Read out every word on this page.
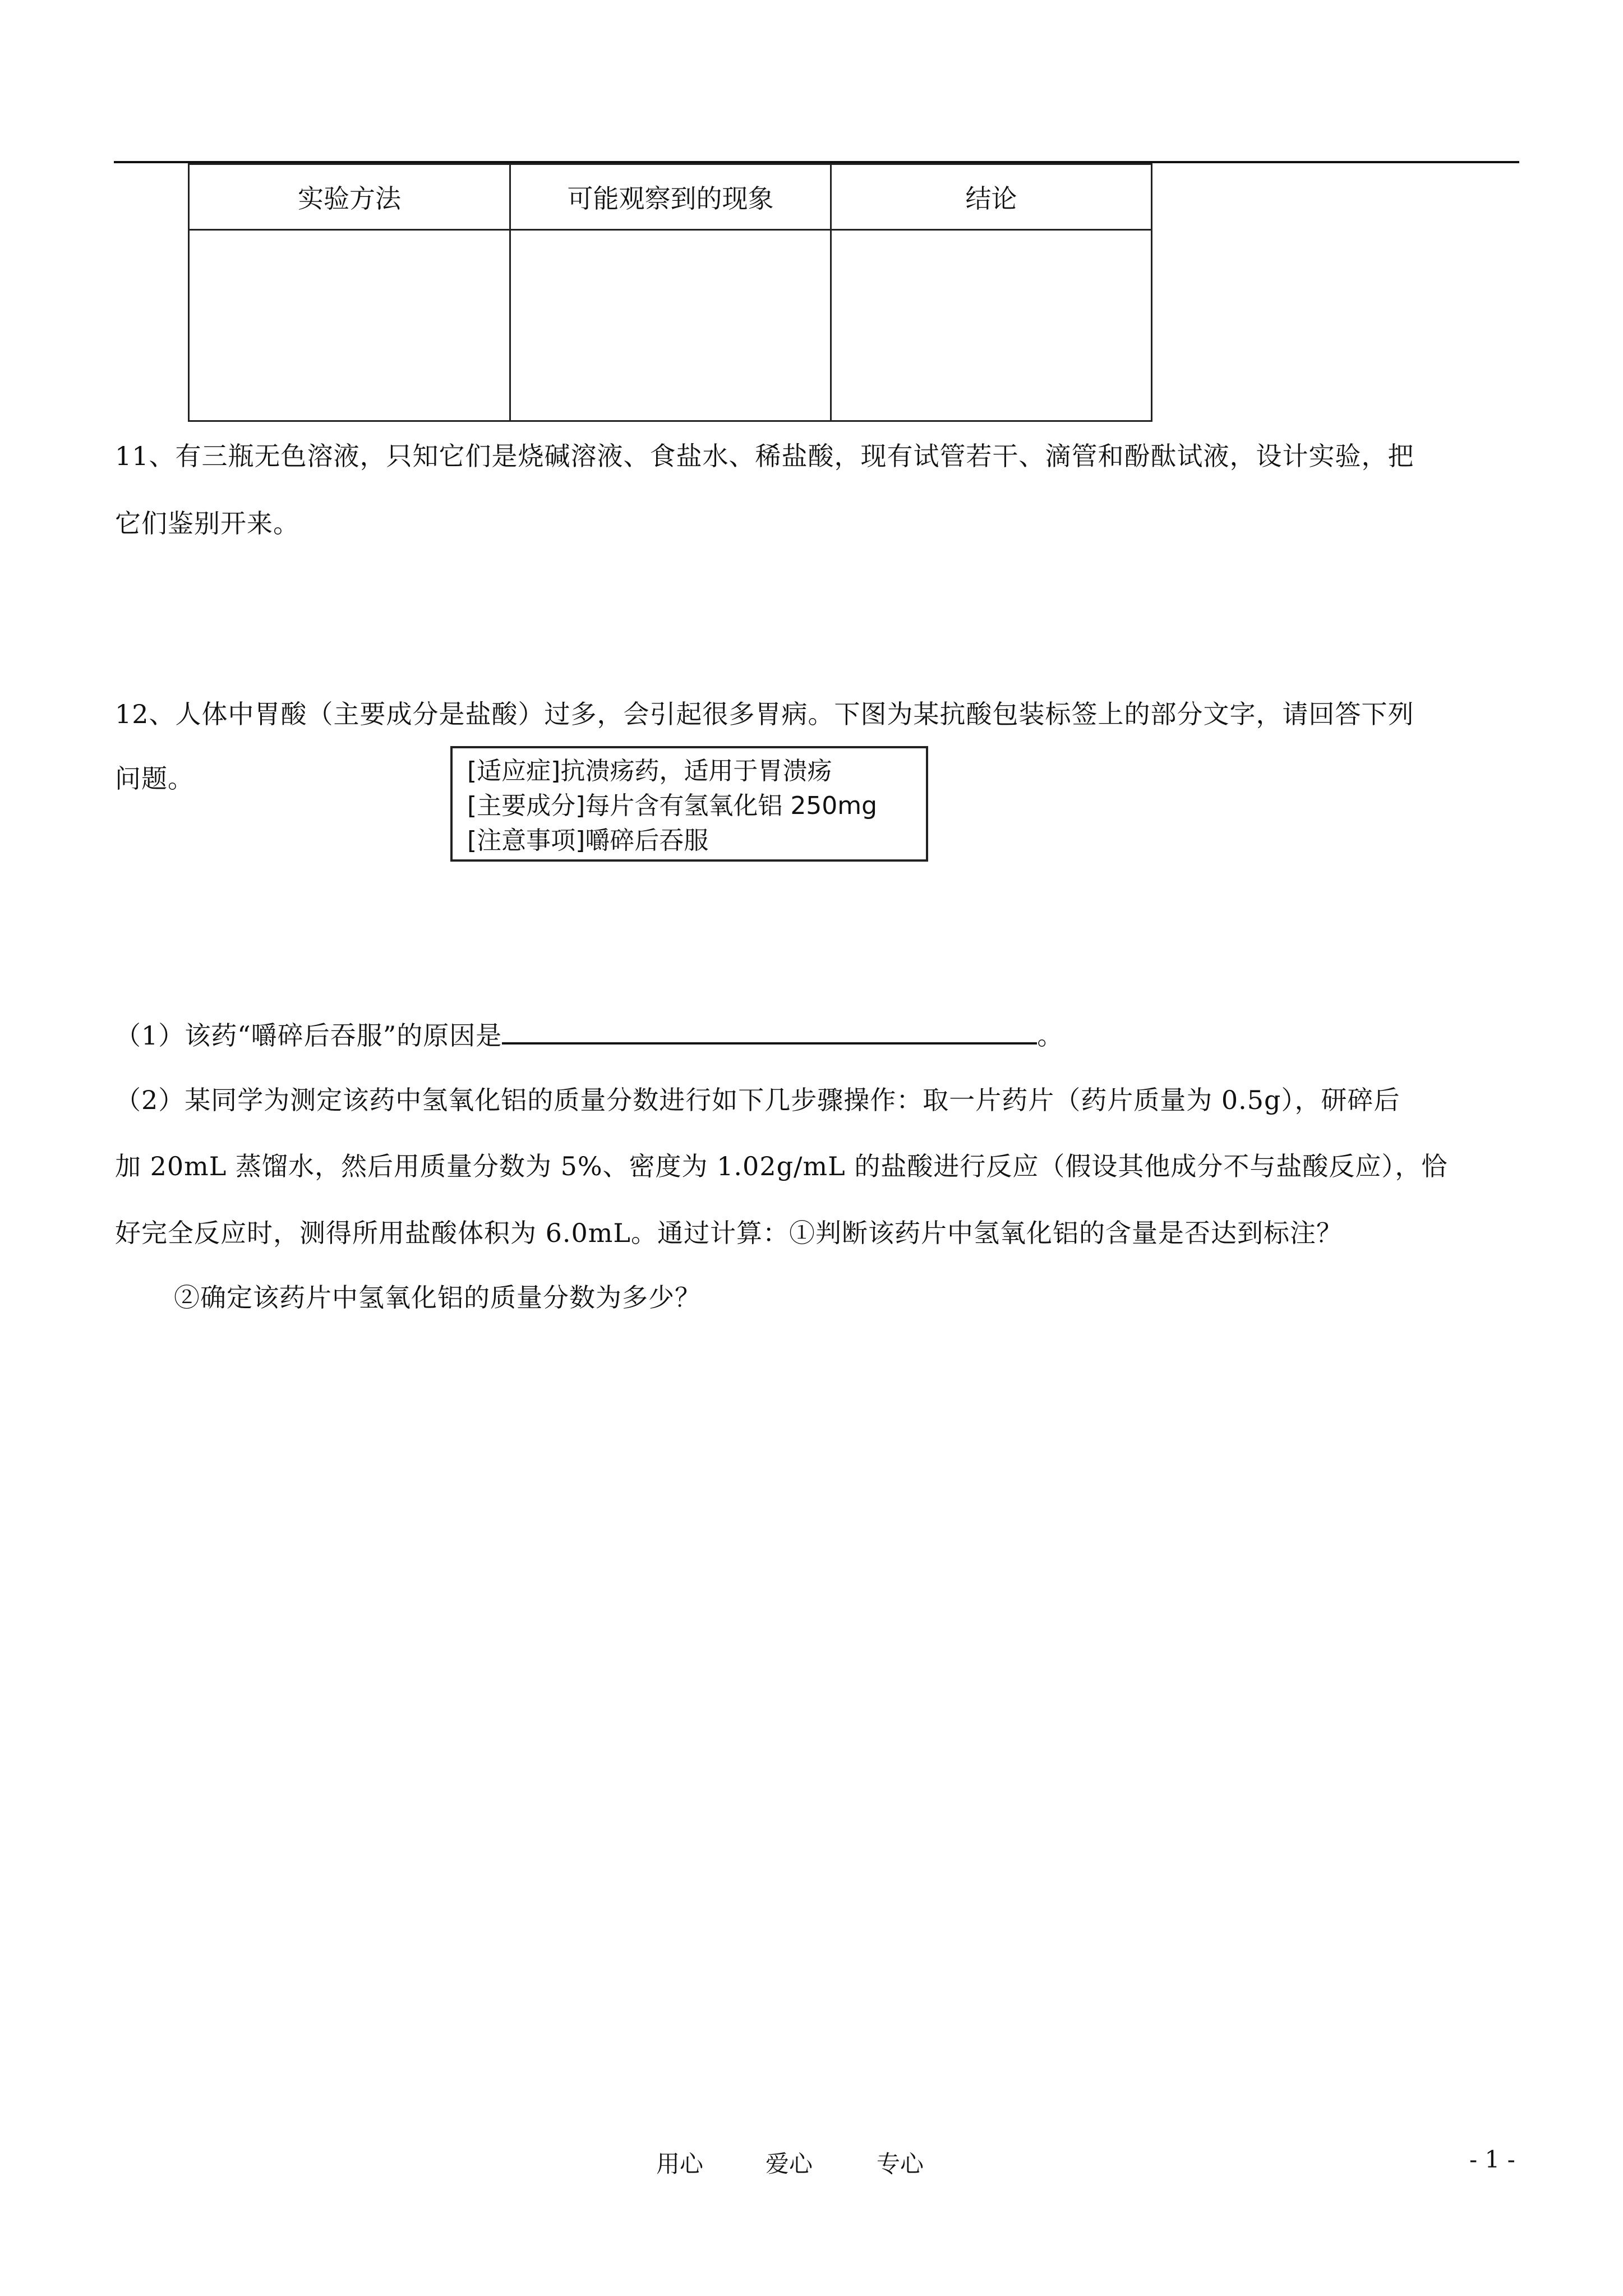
实验方法	可能观察到的现象	结论

11、有三瓶无色溶液，只知它们是烧碱溶液、食盐水、稀盐酸，现有试管若干、滴管和酚酞试液，设计实验，把
它们鉴别开来。
12、人体中胃酸（主要成分是盐酸）过多，会引起很多胃病。下图为某抗酸包装标签上的部分文字，请回答下列
问题。	[适应症]抗溃疡药，适用于胃溃疡
[主要成分]每片含有氢氧化铝 250mg
[注意事项]嚼碎后吞服
（1）该药“嚼碎后吞服”的原因是	。
（2）某同学为测定该药中氢氧化铝的质量分数进行如下几步骤操作：取一片药片（药片质量为 0.5g），研碎后
加 20mL 蒸馏水，然后用质量分数为 5%、密度为 1.02g/mL 的盐酸进行反应（假设其他成分不与盐酸反应），恰
好完全反应时，测得所用盐酸体积为 6.0mL。通过计算：①判断该药片中氢氧化铝的含量是否达到标注？
②确定该药片中氢氧化铝的质量分数为多少？
用心	爱心	专心	- 1 -
